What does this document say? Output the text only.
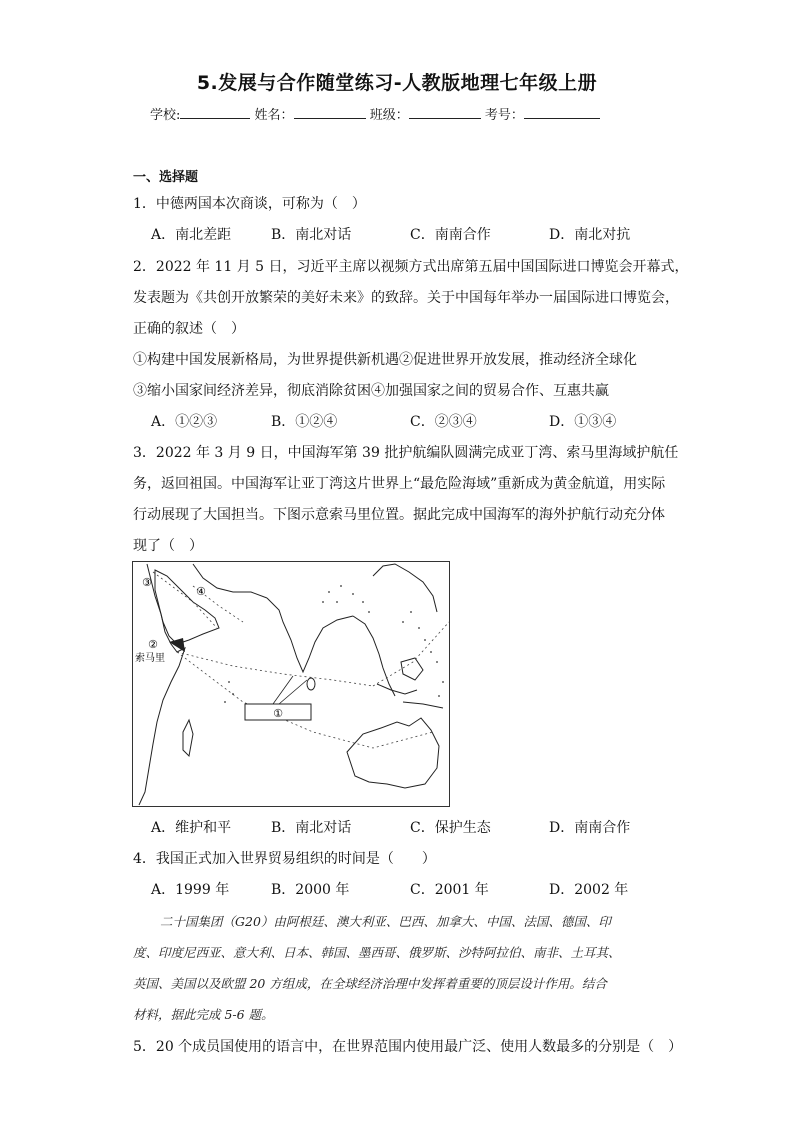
5.发展与合作随堂练习-人教版地理七年级上册
学校:	姓名：	班级：	考号：
一、选择题
1．中德两国本次商谈，可称为（　）
A．南北差距	B．南北对话	C．南南合作	D．南北对抗
2．2022 年 11 月 5 日，习近平主席以视频方式出席第五届中国国际进口博览会开幕式，
发表题为《共创开放繁荣的美好未来》的致辞。关于中国每年举办一届国际进口博览会，
正确的叙述（　）
①构建中国发展新格局，为世界提供新机遇②促进世界开放发展，推动经济全球化
③缩小国家间经济差异，彻底消除贫困④加强国家之间的贸易合作、互惠共赢
A．①②③	B．①②④	C．②③④	D．①③④
3．2022 年 3 月 9 日，中国海军第 39 批护航编队圆满完成亚丁湾、索马里海域护航任
务，返回祖国。中国海军让亚丁湾这片世界上“最危险海域”重新成为黄金航道，用实际
行动展现了大国担当。下图示意索马里位置。据此完成中国海军的海外护航行动充分体
现了（　）
①
③
④
②
索马里
A．维护和平	B．南北对话	C．保护生态	D．南南合作
4．我国正式加入世界贸易组织的时间是（　　）
A．1999 年	B．2000 年	C．2001 年	D．2002 年
二十国集团（G20）由阿根廷、澳大利亚、巴西、加拿大、中国、法国、德国、印
度、印度尼西亚、意大利、日本、韩国、墨西哥、俄罗斯、沙特阿拉伯、南非、土耳其、
英国、美国以及欧盟 20 方组成，在全球经济治理中发挥着重要的顶层设计作用。结合
材料，据此完成 5-6 题。
5．20 个成员国使用的语言中，在世界范围内使用最广泛、使用人数最多的分别是（　）
